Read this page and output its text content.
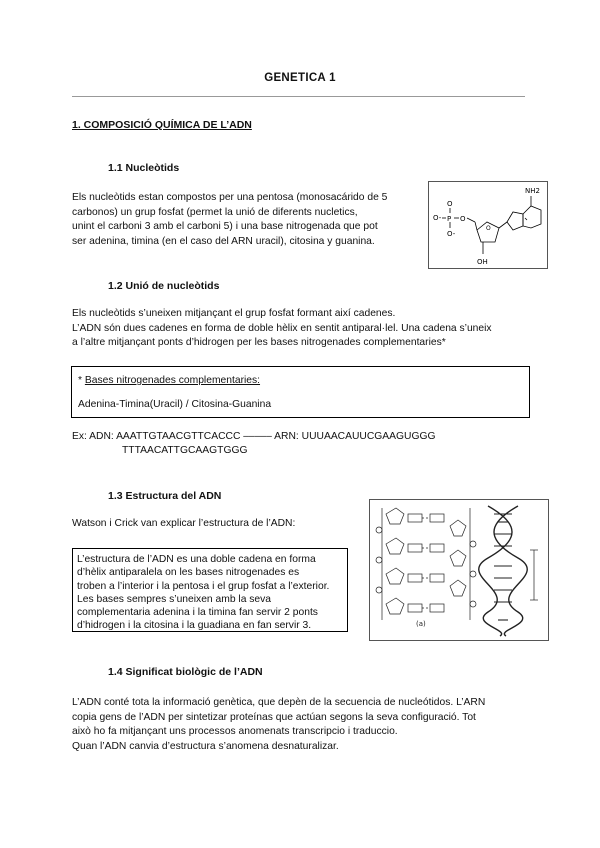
GENETICA 1
1. COMPOSICIÓ QUÍMICA DE L’ADN
1.1 Nucleòtids
Els nucleòtids estan compostos per una pentosa (monosacárido de 5
carbonos) un grup fosfat (permet la unió de diferents nucletics,
unint el carboni 3 amb el carboni 5) i una base nitrogenada que pot
ser adenina, timina (en el caso del ARN uracil), citosina y guanina.
O-
O
O-
P O
O
NH2
OH
1.2 Unió de nucleòtids
Els nucleòtids s’uneixen mitjançant el grup fosfat formant així cadenes.
L’ADN són dues cadenes en forma de doble hèlix en sentit antiparal·lel. Una cadena s’uneix
a l’altre mitjançant ponts d’hidrogen per les bases nitrogenades complementaries*
* Bases nitrogenades complementaries:
Adenina-Timina(Uracil) / Citosina-Guanina
Ex: ADN: AAATTGTAACGTTCACCC ––––– ARN: UUUAACAUUCGAAGUGGG
TTTAACATTGCAAGTGGG
1.3 Estructura del ADN
Watson i Crick van explicar l’estructura de l’ADN:
L’estructura de l’ADN es una doble cadena en forma
d’hèlix antiparalela on les bases nitrogenades es
troben a l’interior i la pentosa i el grup fosfat a l’exterior.
Les bases sempres s’uneixen amb la seva
complementaria adenina i la timina fan servir 2 ponts
d’hidrogen i la citosina i la guadiana en fan servir 3.	(a)
1.4 Significat biològic de l’ADN
L’ADN conté tota la informació genètica, que depèn de la secuencia de nucleótidos. L’ARN
copia gens de l’ADN per sintetizar proteínas que actúan segons la seva configuració. Tot
això ho fa mitjançant uns processos anomenats transcripcio i traduccio.
Quan l’ADN canvia d’estructura s’anomena desnaturalizar.
